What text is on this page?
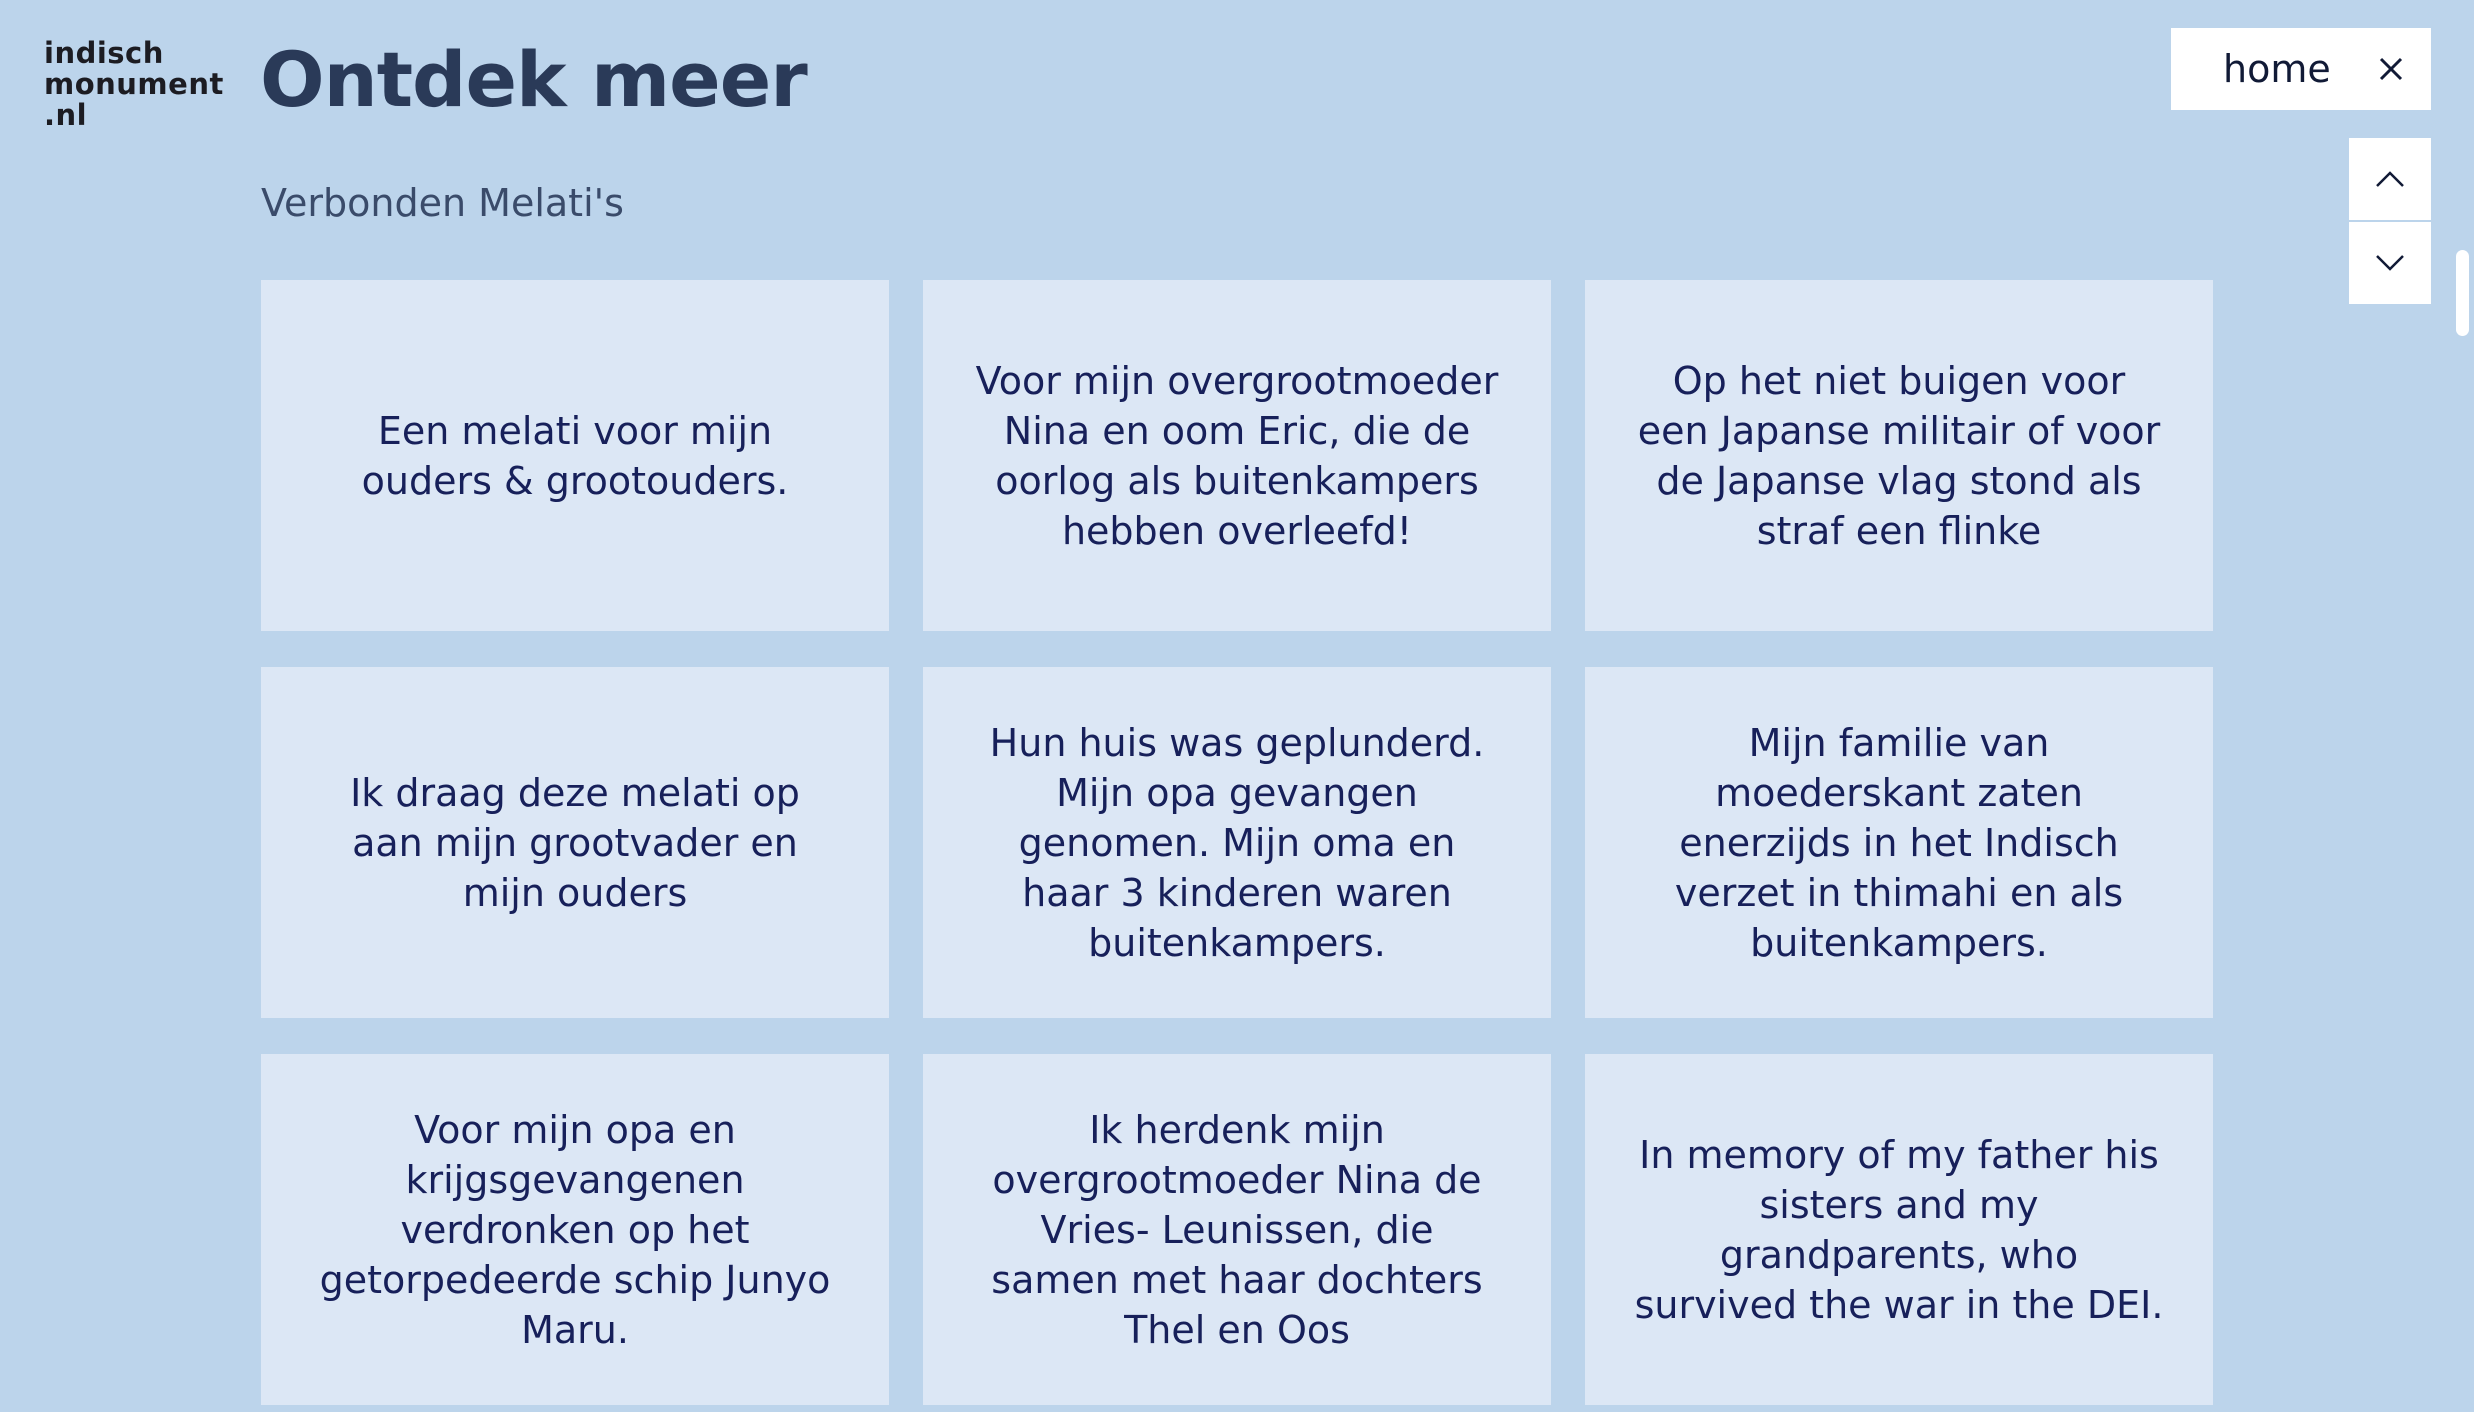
indisch
monument
.nl	Ontdek meer
Verbonden Melati's
home
Een melati voor mijn ouders & grootouders.
Voor mijn overgrootmoeder Nina en oom Eric, die de oorlog als buitenkampers hebben overleefd!
Op het niet buigen voor een Japanse militair of voor de Japanse vlag stond als straf een flinke
Ik draag deze melati op aan mijn grootvader en mijn ouders
Hun huis was geplunderd. Mijn opa gevangen genomen. Mijn oma en haar 3 kinderen waren buitenkampers.
Mijn familie van moederskant zaten enerzijds in het Indisch verzet in thimahi en als buitenkampers.
Voor mijn opa en krijgsgevangenen verdronken op het getorpedeerde schip Junyo Maru.
Ik herdenk mijn overgrootmoeder Nina de Vries- Leunissen, die samen met haar dochters Thel en Oos
In memory of my father his sisters and my grandparents, who survived the war in the DEI.
